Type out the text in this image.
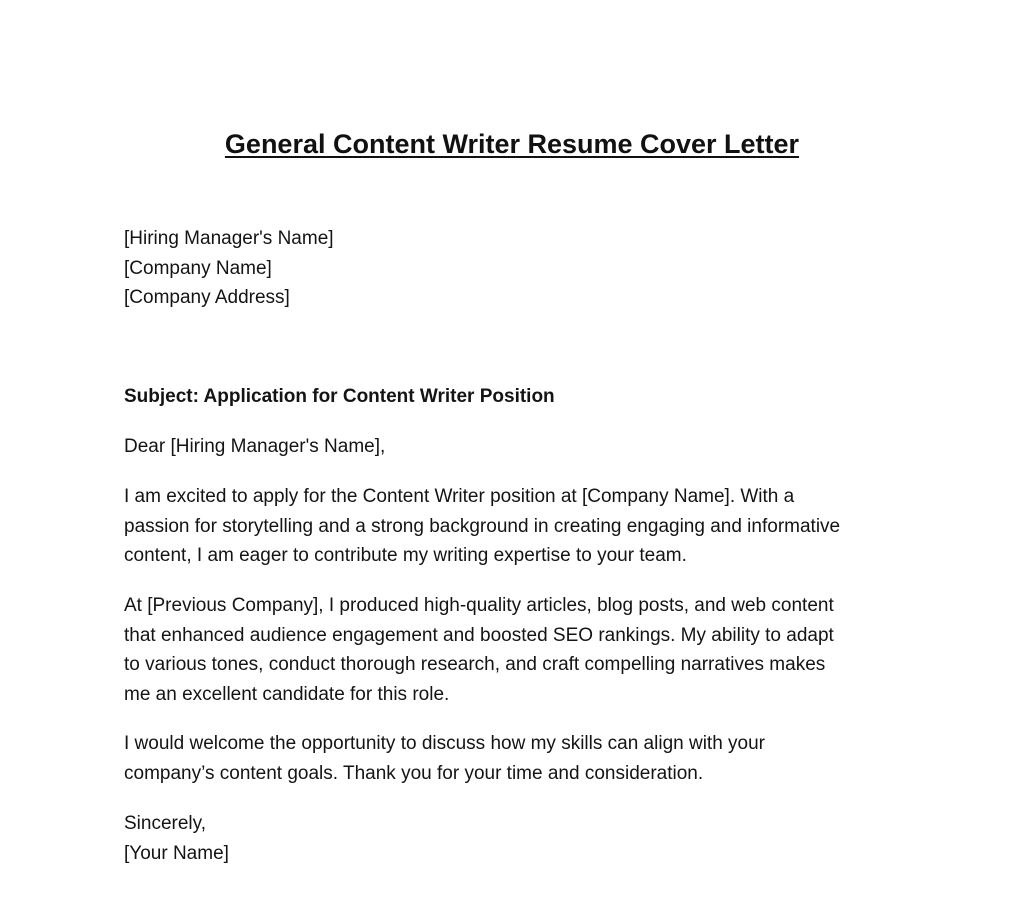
General Content Writer Resume Cover Letter
[Hiring Manager's Name]
[Company Name]
[Company Address]
Subject: Application for Content Writer Position
Dear [Hiring Manager's Name],
I am excited to apply for the Content Writer position at [Company Name]. With a
passion for storytelling and a strong background in creating engaging and informative
content, I am eager to contribute my writing expertise to your team.
At [Previous Company], I produced high-quality articles, blog posts, and web content
that enhanced audience engagement and boosted SEO rankings. My ability to adapt
to various tones, conduct thorough research, and craft compelling narratives makes
me an excellent candidate for this role.
I would welcome the opportunity to discuss how my skills can align with your
company’s content goals. Thank you for your time and consideration.
Sincerely,
[Your Name]
